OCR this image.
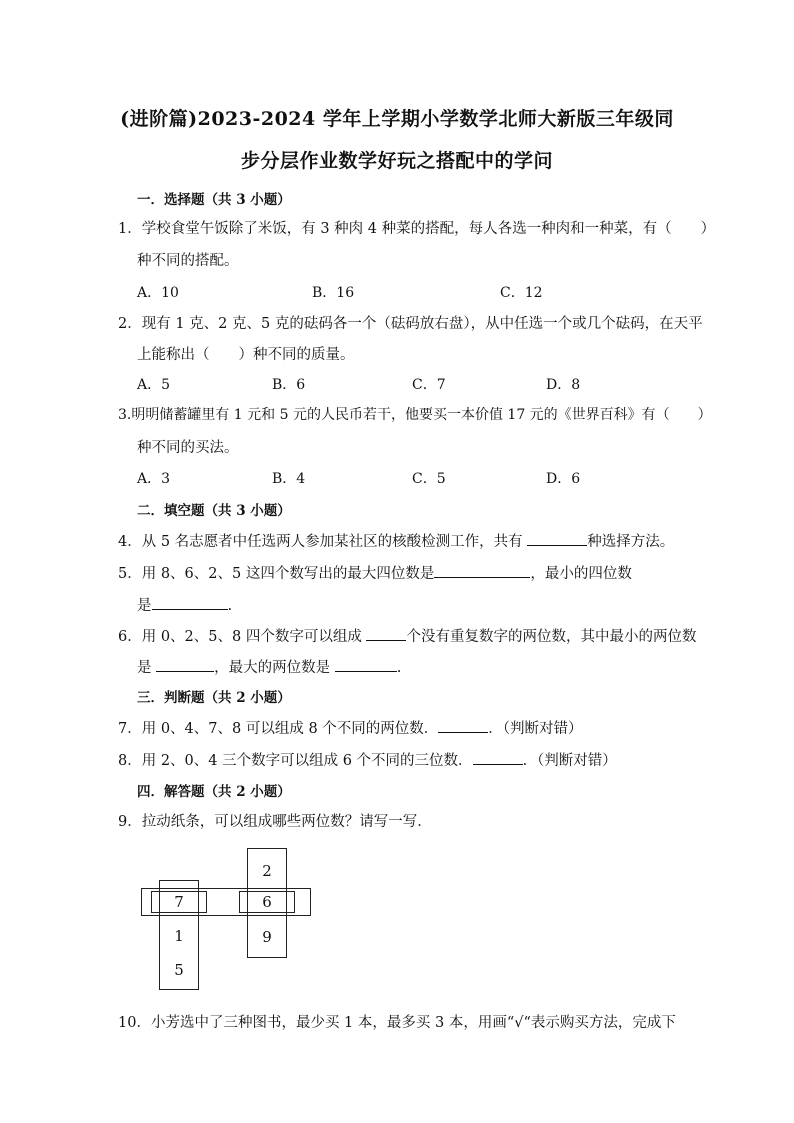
(进阶篇)2023-2024 学年上学期小学数学北师大新版三年级同
步分层作业数学好玩之搭配中的学问
一．选择题（共 3 小题）
1．学校食堂午饭除了米饭，有 3 种肉 4 种菜的搭配，每人各选一种肉和一种菜，有（　　）
种不同的搭配。
A．10	B．16	C．12
2．现有 1 克、2 克、5 克的砝码各一个（砝码放右盘），从中任选一个或几个砝码，在天平
上能称出（　　）种不同的质量。
A．5	B．6	C．7	D．8
3.明明储蓄罐里有 1 元和 5 元的人民币若干，他要买一本价值 17 元的《世界百科》有（　　）
种不同的买法。
A．3	B．4	C．5	D．6
二．填空题（共 3 小题）
4．从 5 名志愿者中任选两人参加某社区的核酸检测工作，共有	种选择方法。
5．用 8、6、2、5 这四个数写出的最大四位数是	，最小的四位数
是	.
6．用 0、2、5、8 四个数字可以组成	个没有重复数字的两位数，其中最小的两位数
是	，最大的两位数是	.
三．判断题（共 2 小题）
7．用 0、4、7、8 可以组成 8 个不同的两位数．	．（判断对错）
8．用 2、0、4 三个数字可以组成 6 个不同的三位数．	．（判断对错）
四．解答题（共 2 小题）
9．拉动纸条，可以组成哪些两位数？请写一写．
7
1
5
2
6
9
10．小芳选中了三种图书，最少买 1 本，最多买 3 本，用画“√“表示购买方法，完成下
